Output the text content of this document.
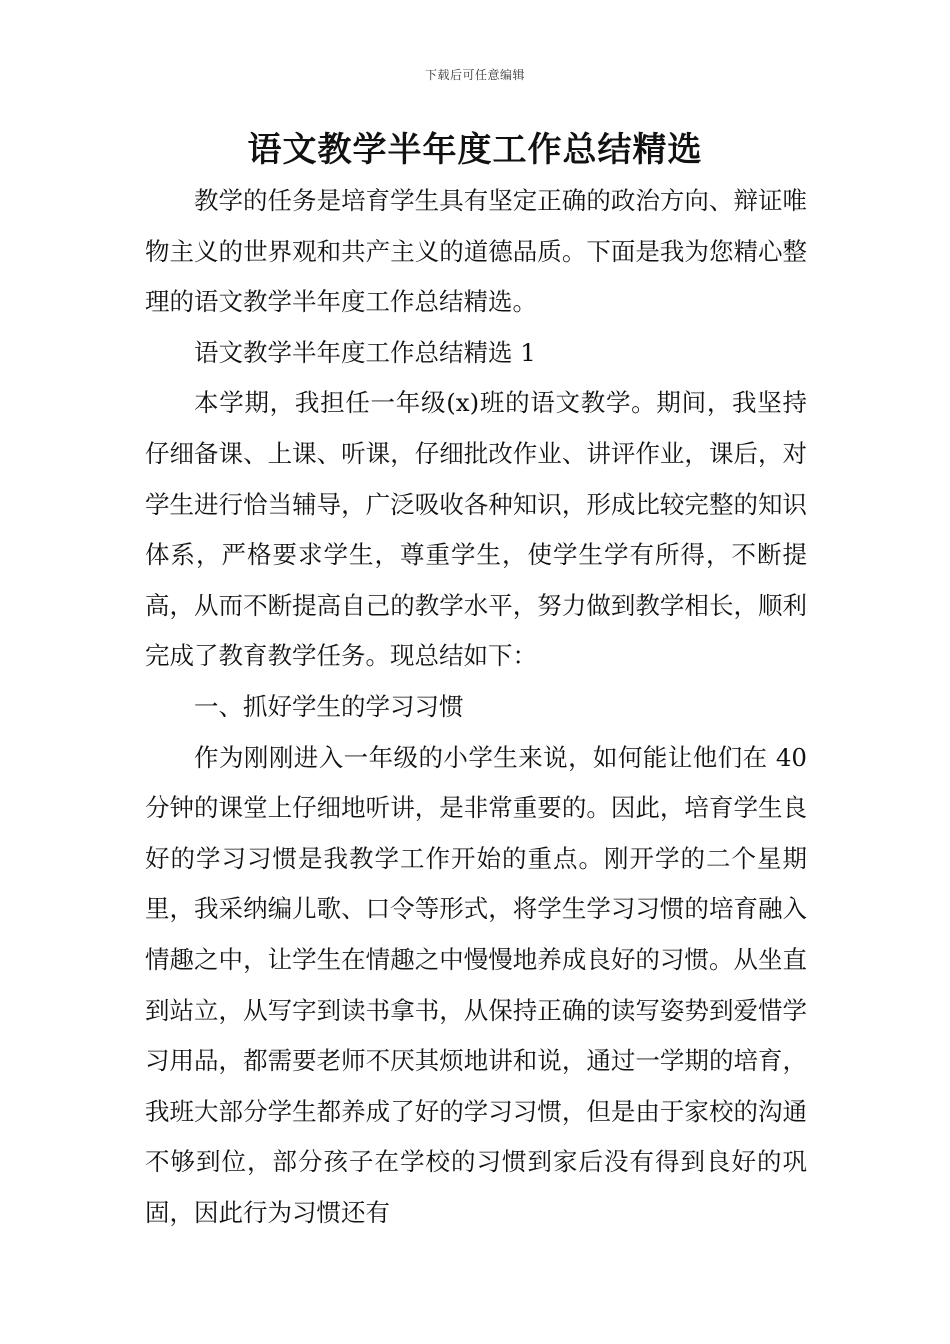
下载后可任意编辑
语文教学半年度工作总结精选

教学的任务是培育学生具有坚定正确的政治方向、辩证唯物主义的世界观和共产主义的道德品质。下面是我为您精心整理的语文教学半年度工作总结精选。

语文教学半年度工作总结精选 1

本学期，我担任一年级(x)班的语文教学。期间，我坚持仔细备课、上课、听课，仔细批改作业、讲评作业，课后，对学生进行恰当辅导，广泛吸收各种知识，形成比较完整的知识体系，严格要求学生，尊重学生，使学生学有所得，不断提高，从而不断提高自己的教学水平，努力做到教学相长，顺利完成了教育教学任务。现总结如下：

一、抓好学生的学习习惯

作为刚刚进入一年级的小学生来说，如何能让他们在 40 分钟的课堂上仔细地听讲，是非常重要的。因此，培育学生良好的学习习惯是我教学工作开始的重点。刚开学的二个星期里，我采纳编儿歌、口令等形式，将学生学习习惯的培育融入情趣之中，让学生在情趣之中慢慢地养成良好的习惯。从坐直到站立，从写字到读书拿书，从保持正确的读写姿势到爱惜学习用品，都需要老师不厌其烦地讲和说，通过一学期的培育，我班大部分学生都养成了好的学习习惯，但是由于家校的沟通不够到位，部分孩子在学校的习惯到家后没有得到良好的巩固，因此行为习惯还有
